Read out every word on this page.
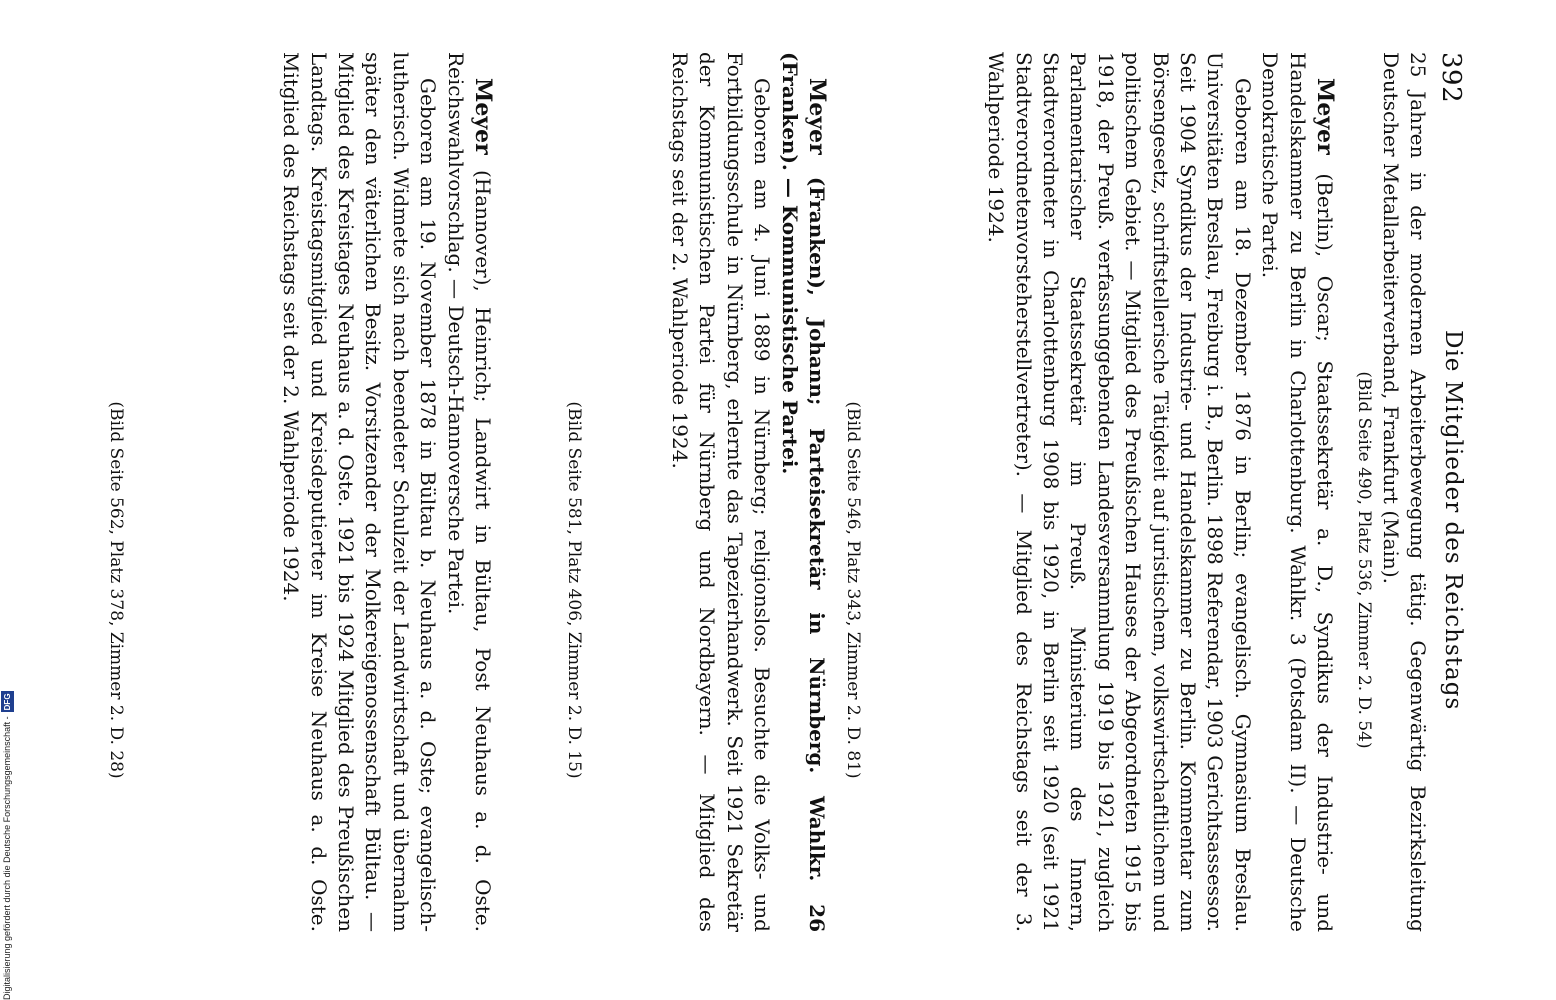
392
Die Mitglieder des Reichstags

25 Jahren in der modernen Arbeiterbewegung tätig. Gegenwärtig Bezirksleitung Deutscher Metallarbeiterverband, Frankfurt (Main).

(Bild Seite 490, Platz 536, Zimmer 2. D. 54)

Meyer (Berlin), Oscar; Staatssekretär a. D., Syndikus der Industrie- und Handelskammer zu Berlin in Charlottenburg. Wahlkr. 3 (Potsdam II). — Deutsche Demokratische Partei.

Geboren am 18. Dezember 1876 in Berlin; evangelisch. Gymnasium Breslau. Universitäten Breslau, Freiburg i. B., Berlin. 1898 Referendar, 1903 Gerichtsassessor. Seit 1904 Syndikus der Industrie- und Handelskammer zu Berlin. Kommentar zum Börsengesetz, schriftstellerische Tätigkeit auf juristischem, volkswirtschaftlichem und politischem Gebiet. — Mitglied des Preußischen Hauses der Abgeordneten 1915 bis 1918, der Preuß. verfassunggebenden Landesversammlung 1919 bis 1921, zugleich Parlamentarischer Staatssekretär im Preuß. Ministerium des Innern, Stadtverordneter in Charlottenburg 1908 bis 1920, in Berlin seit 1920 (seit 1921 Stadtverordnetenvorsteherstellvertreter). — Mitglied des Reichstags seit der 3. Wahlperiode 1924.

(Bild Seite 546, Platz 343, Zimmer 2. D. 81)

Meyer (Franken), Johann; Parteisekretär in Nürnberg. Wahlkr. 26 (Franken). — Kommunistische Partei.

Geboren am 4. Juni 1889 in Nürnberg; religionslos. Besuchte die Volks- und Fortbildungsschule in Nürnberg, erlernte das Tapezierhandwerk. Seit 1921 Sekretär der Kommunistischen Partei für Nürnberg und Nordbayern. — Mitglied des Reichstags seit der 2. Wahlperiode 1924.

(Bild Seite 581, Platz 406, Zimmer 2. D. 15)

Meyer (Hannover), Heinrich; Landwirt in Bültau, Post Neuhaus a. d. Oste. Reichswahlvorschlag. — Deutsch-Hannoversche Partei.

Geboren am 19. November 1878 in Bültau b. Neuhaus a. d. Oste; evangelisch-lutherisch. Widmete sich nach beendeter Schulzeit der Landwirtschaft und übernahm später den väterlichen Besitz. Vorsitzender der Molkereigenossenschaft Bültau. — Mitglied des Kreistages Neuhaus a. d. Oste. 1921 bis 1924 Mitglied des Preußischen Landtags. Kreistagsmitglied und Kreisdeputierter im Kreise Neuhaus a. d. Oste. Mitglied des Reichstags seit der 2. Wahlperiode 1924.

(Bild Seite 562, Platz 378, Zimmer 2. D. 28)
Digitalisierung gefördert durch die Deutsche Forschungsgemeinschaft -DFG
